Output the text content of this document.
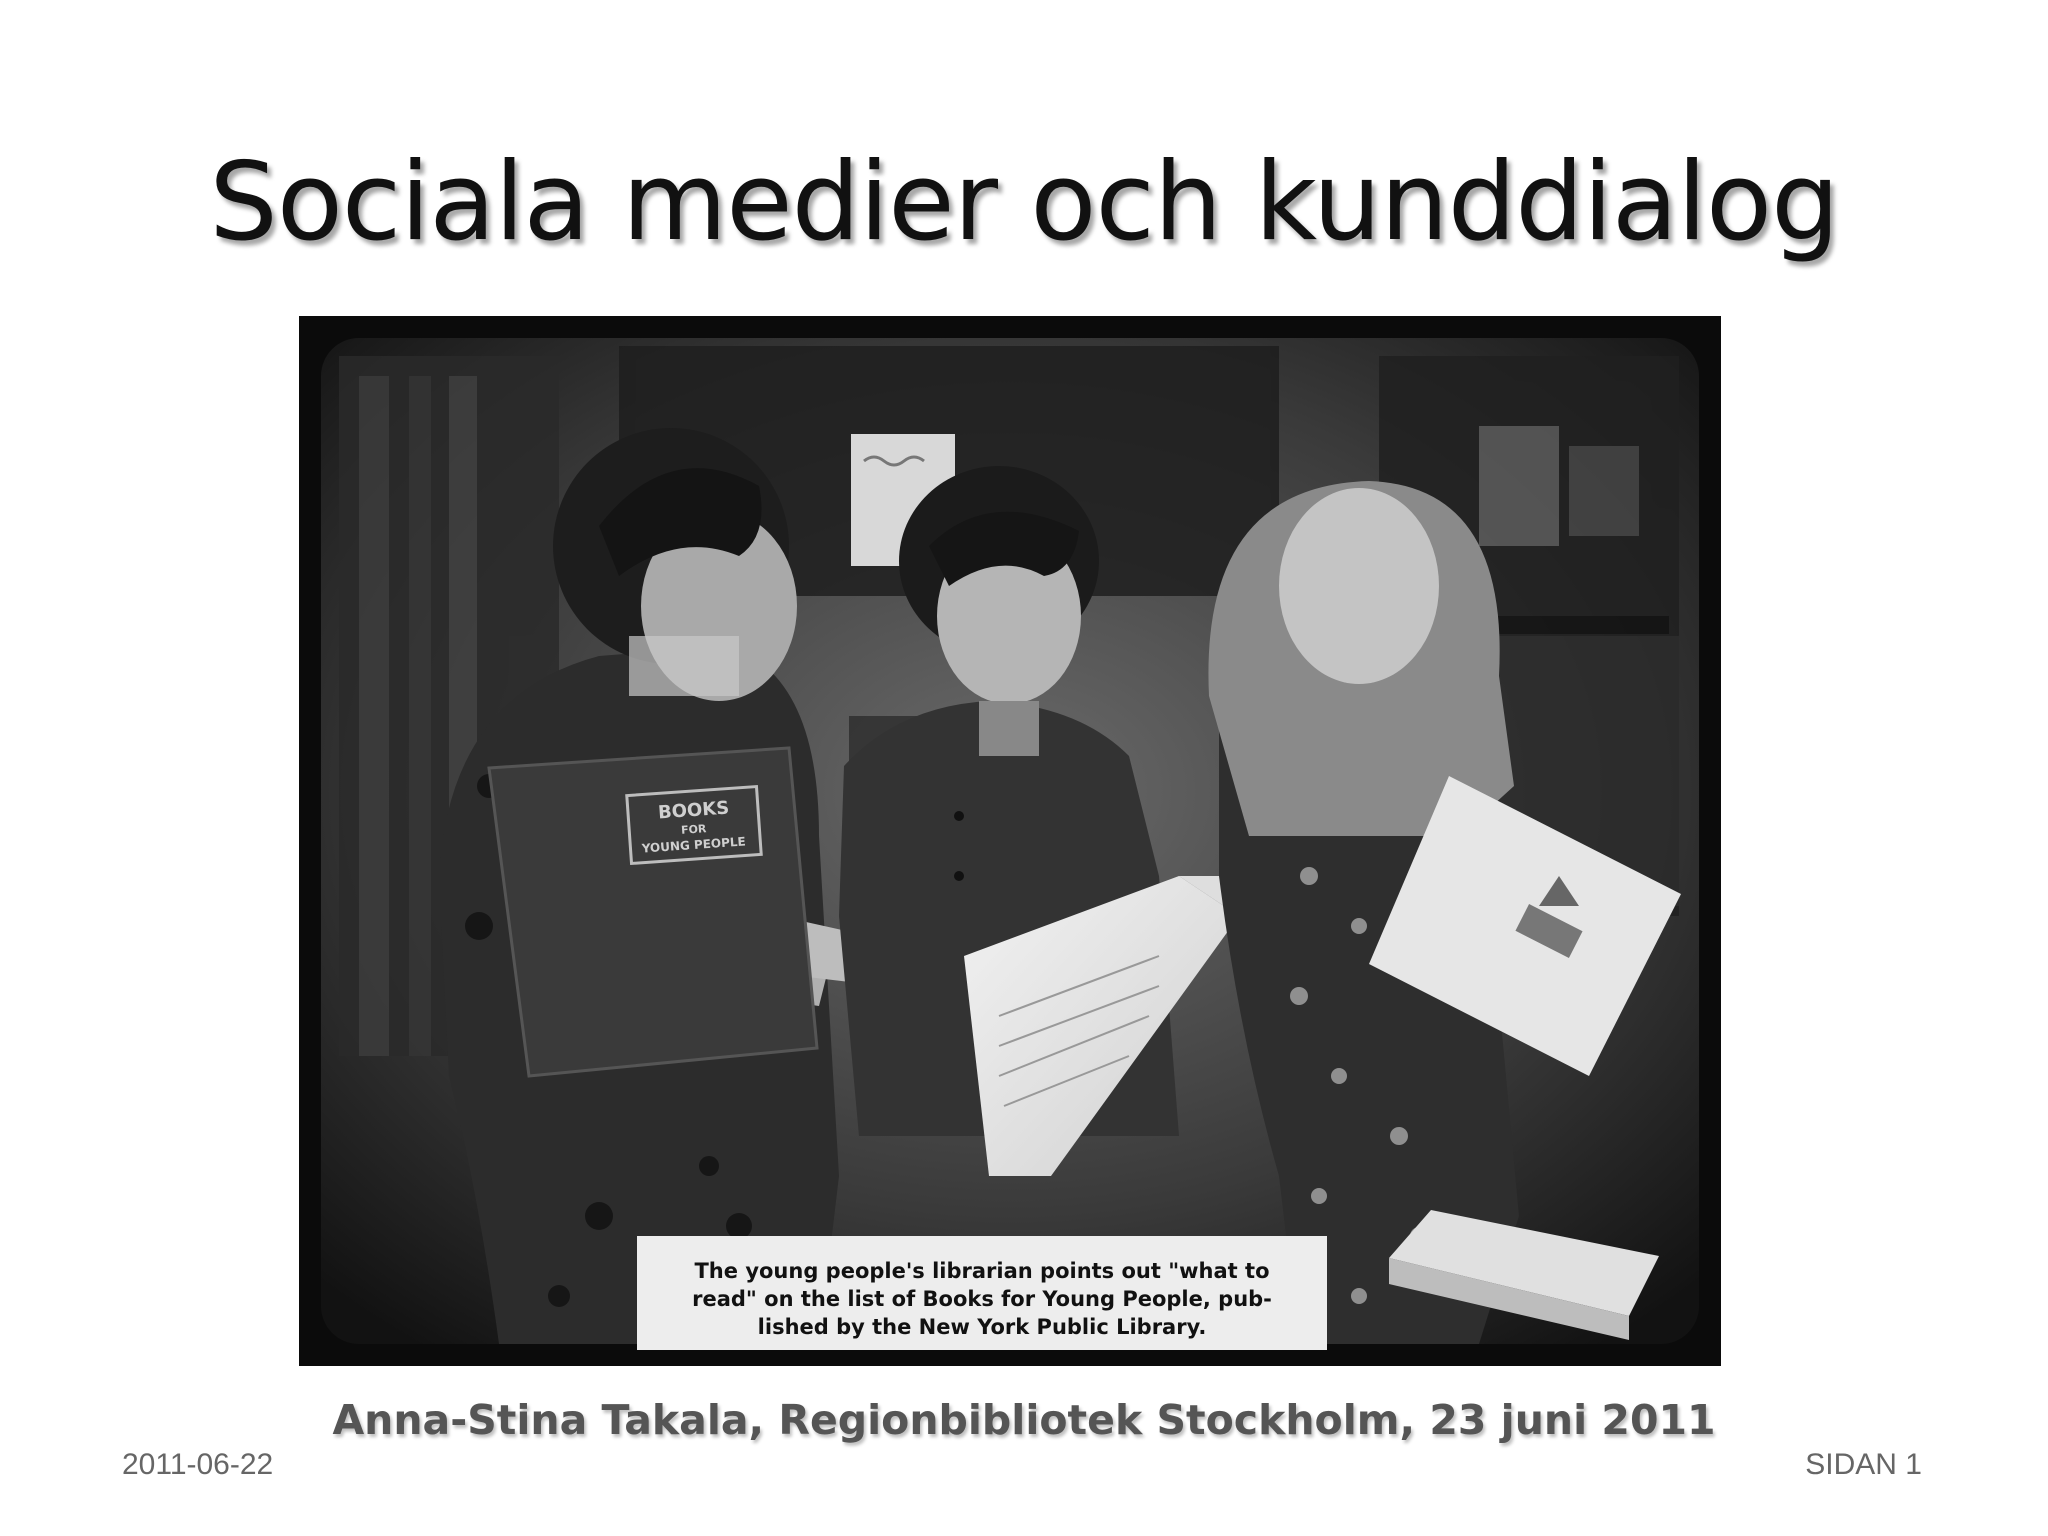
Sociala medier och kunddialog
BOOKS
FOR
YOUNG PEOPLE
The young people's librarian points out "what to
read" on the list of Books for Young People, pub-
lished by the New York Public Library.
Anna-Stina Takala, Regionbibliotek Stockholm, 23 juni 2011
2011-06-22	SIDAN 1
